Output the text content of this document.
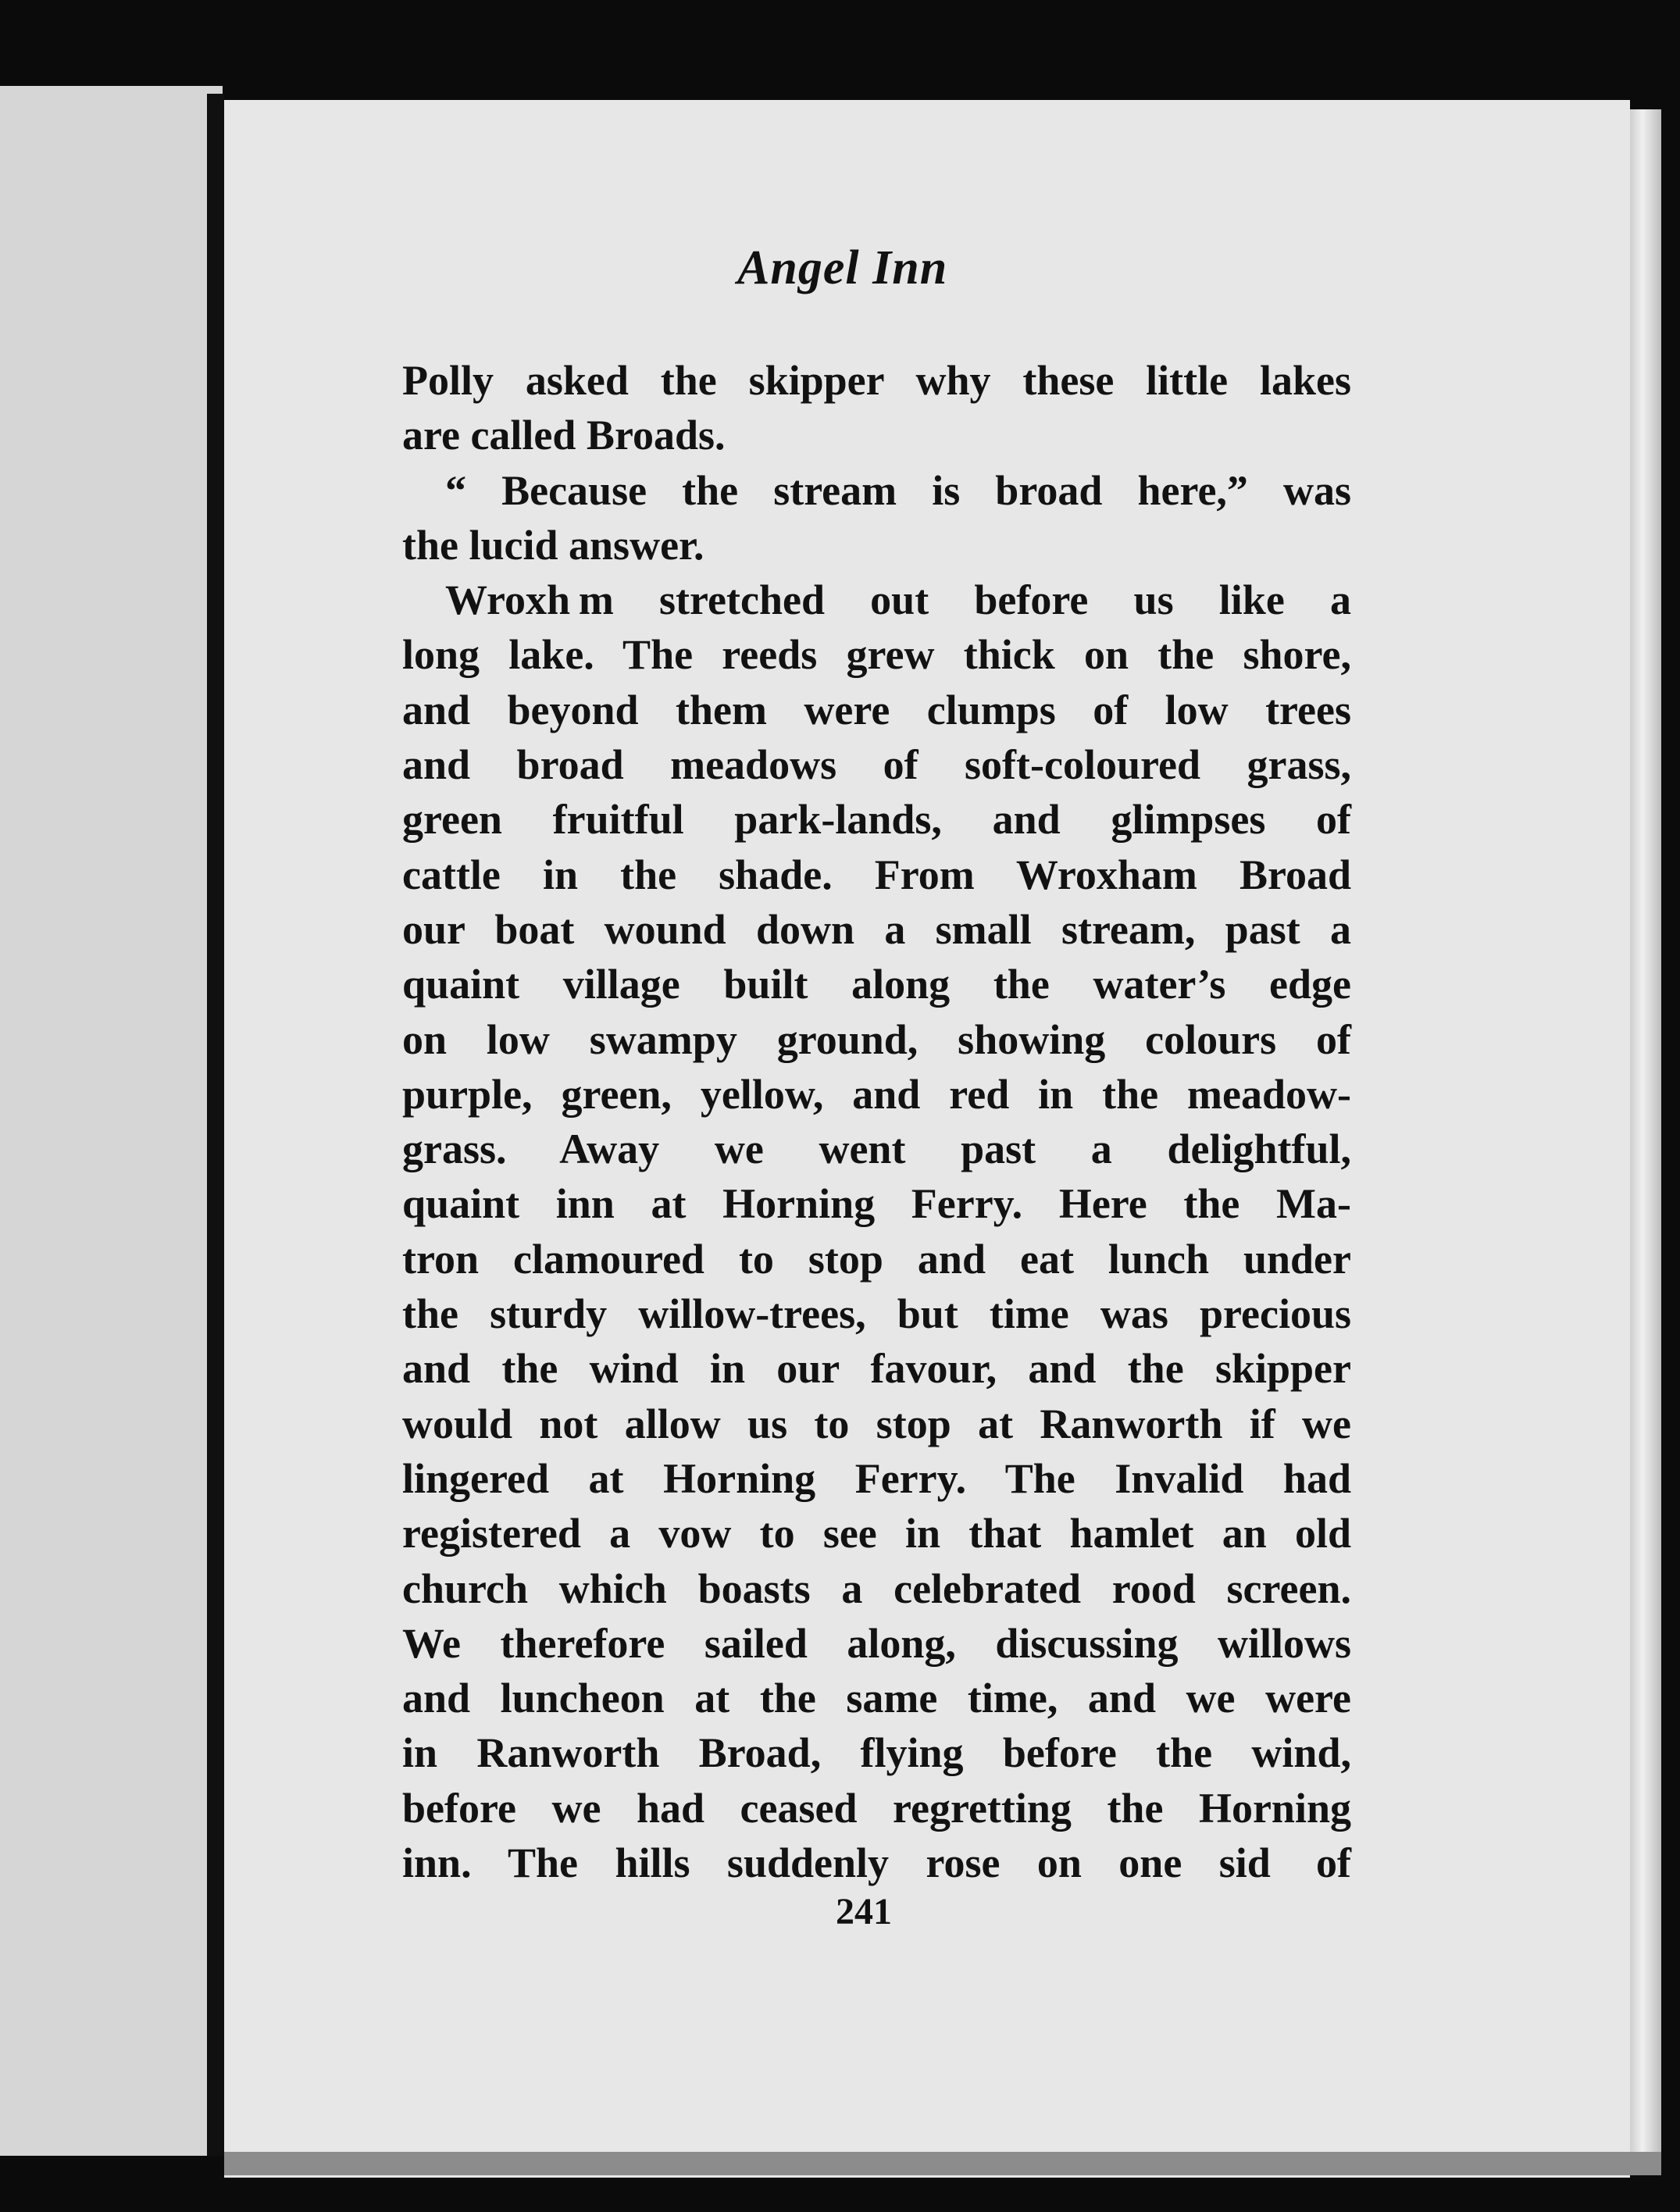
Angel Inn
Polly asked the skipper why these little lakes
are called Broads.
“ Because the stream is broad here,” was
the lucid answer.
Wroxh m stretched out before us like a
long lake. The reeds grew thick on the shore,
and beyond them were clumps of low trees
and broad meadows of soft-coloured grass,
green fruitful park-lands, and glimpses of
cattle in the shade. From Wroxham Broad
our boat wound down a small stream, past a
quaint village built along the water’s edge
on low swampy ground, showing colours of
purple, green, yellow, and red in the meadow-
grass. Away we went past a delightful,
quaint inn at Horning Ferry. Here the Ma-
tron clamoured to stop and eat lunch under
the sturdy willow-trees, but time was precious
and the wind in our favour, and the skipper
would not allow us to stop at Ranworth if we
lingered at Horning Ferry. The Invalid had
registered a vow to see in that hamlet an old
church which boasts a celebrated rood screen.
We therefore sailed along, discussing willows
and luncheon at the same time, and we were
in Ranworth Broad, flying before the wind,
before we had ceased regretting the Horning
inn. The hills suddenly rose on one sid  of
241
